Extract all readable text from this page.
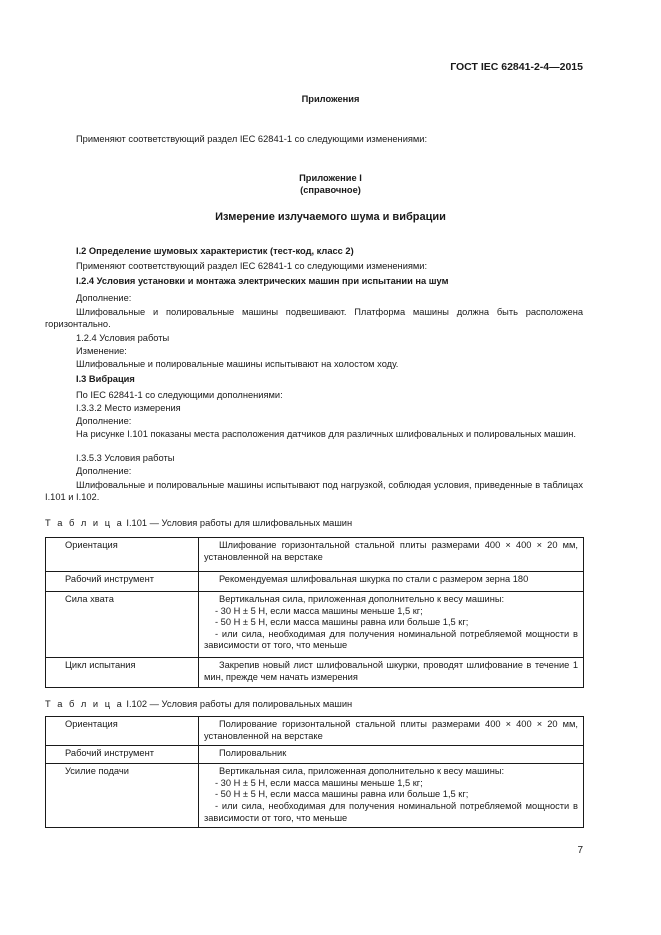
ГОСТ IEC 62841-2-4—2015
Приложения
Применяют соответствующий раздел IEC 62841-1 со следующими изменениями:
Приложение I
(справочное)
Измерение излучаемого шума и вибрации
I.2 Определение шумовых характеристик (тест-код, класс 2)
Применяют соответствующий раздел IEC 62841-1 со следующими изменениями:
I.2.4 Условия установки и монтажа электрических машин при испытании на шум
Дополнение:
Шлифовальные и полировальные машины подвешивают. Платформа машины должна быть расположена горизонтально.
1.2.4 Условия работы
Изменение:
Шлифовальные и полировальные машины испытывают на холостом ходу.
I.3 Вибрация
По IEC 62841-1 со следующими дополнениями:
I.3.3.2 Место измерения
Дополнение:
На рисунке I.101 показаны места расположения датчиков для различных шлифовальных и полировальных машин.
I.3.5.3 Условия работы
Дополнение:
Шлифовальные и полировальные машины испытывают под нагрузкой, соблюдая условия, приведенные в таблицах I.101 и I.102.
Т а б л и ц а I.101 — Условия работы для шлифовальных машин
Ориентация	Шлифование горизонтальной стальной плиты размерами 400 × 400 × 20 мм, установленной на верстаке

Рабочий инструмент	Рекомендуемая шлифовальная шкурка по стали с размером зерна 180

Сила хвата	Вертикальная сила, приложенная дополнительно к весу машины:
- 30 Н ± 5 Н, если масса машины меньше 1,5 кг;
- 50 Н ± 5 Н, если масса машины равна или больше 1,5 кг;
- или сила, необходимая для получения номинальной потребляемой мощности в зависимости от того, что меньше

Цикл испытания	Закрепив новый лист шлифовальной шкурки, проводят шлифование в течение 1 мин, прежде чем начать измерения
Т а б л и ц а I.102 — Условия работы для полировальных машин
Ориентация	Полирование горизонтальной стальной плиты размерами 400 × 400 × 20 мм, установленной на верстаке

Рабочий инструмент	Полировальник

Усилие подачи	Вертикальная сила, приложенная дополнительно к весу машины:
- 30 Н ± 5 Н, если масса машины меньше 1,5 кг;
- 50 Н ± 5 Н, если масса машины равна или больше 1,5 кг;
- или сила, необходимая для получения номинальной потребляемой мощности в зависимости от того, что меньше
7
